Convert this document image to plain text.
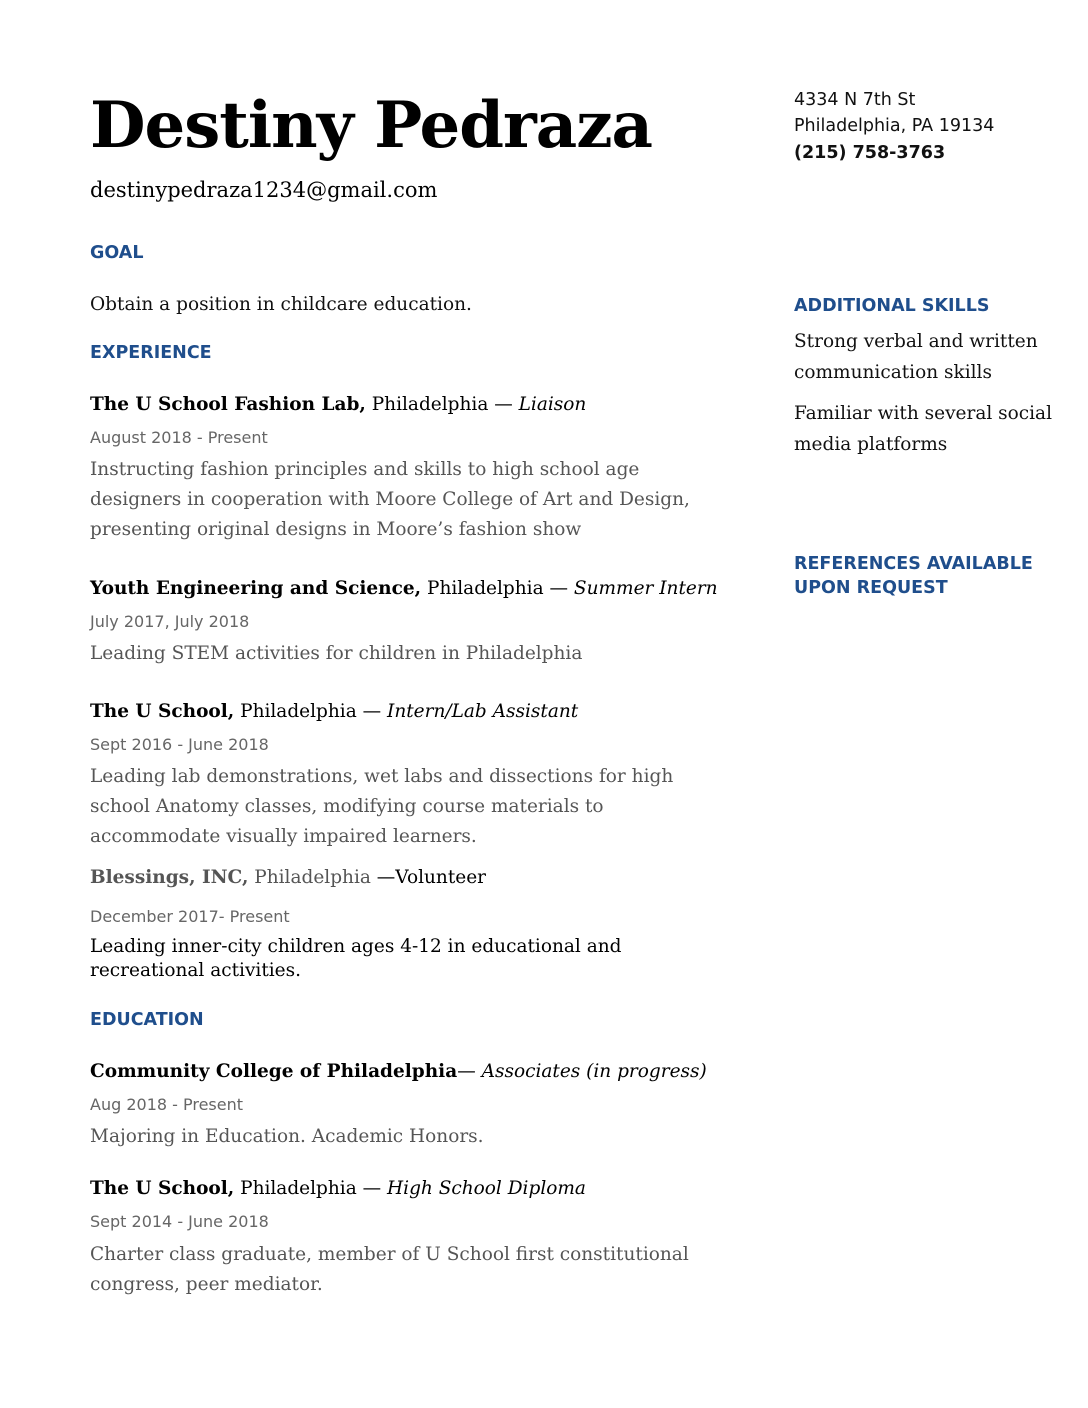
Destiny Pedraza
destinypedraza1234@gmail.com
4334 N 7th St
Philadelphia, PA 19134
(215) 758-3763
GOAL
Obtain a position in childcare education.
EXPERIENCE
The U School Fashion Lab, Philadelphia — Liaison
August 2018 - Present
Instructing fashion principles and skills to high school age
designers in cooperation with Moore College of Art and Design,
presenting original designs in Moore’s fashion show
Youth Engineering and Science, Philadelphia — Summer Intern
July 2017, July 2018
Leading STEM activities for children in Philadelphia
The U School, Philadelphia — Intern/Lab Assistant
Sept 2016 - June 2018
Leading lab demonstrations, wet labs and dissections for high
school Anatomy classes, modifying course materials to
accommodate visually impaired learners.
Blessings, INC, Philadelphia —Volunteer
December 2017- Present
Leading inner-city children ages 4-12 in educational and
recreational activities.
EDUCATION
Community College of Philadelphia— Associates (in progress)
Aug 2018 - Present
Majoring in Education. Academic Honors.
The U School, Philadelphia — High School Diploma
Sept 2014 - June 2018
Charter class graduate, member of U School first constitutional
congress, peer mediator.
ADDITIONAL SKILLS
Strong verbal and written communication skills
Familiar with several social media platforms
REFERENCES AVAILABLE
UPON REQUEST
